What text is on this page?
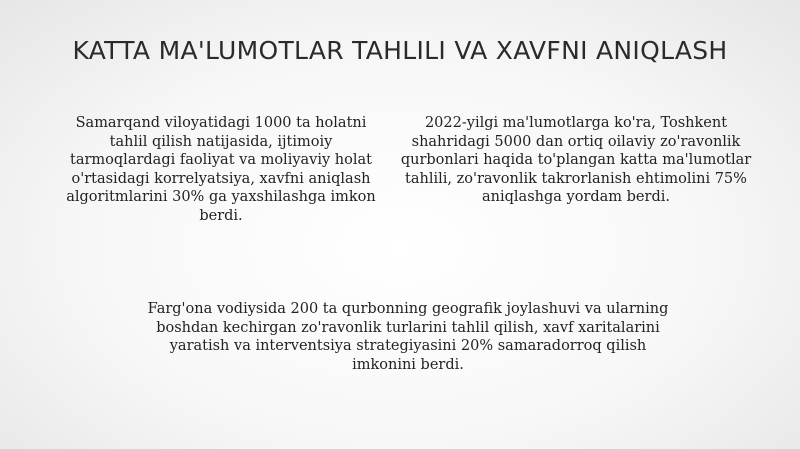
KATTA MA'LUMOTLAR TAHLILI VA XAVFNI ANIQLASH
Samarqand viloyatidagi 1000 ta holatni
tahlil qilish natijasida, ijtimoiy
tarmoqlardagi faoliyat va moliyaviy holat
o'rtasidagi korrelyatsiya, xavfni aniqlash
algoritmlarini 30% ga yaxshilashga imkon
berdi.
2022-yilgi ma'lumotlarga ko'ra, Toshkent
shahridagi 5000 dan ortiq oilaviy zo'ravonlik
qurbonlari haqida to'plangan katta ma'lumotlar
tahlili, zo'ravonlik takrorlanish ehtimolini 75%
aniqlashga yordam berdi.
Farg'ona vodiysida 200 ta qurbonning geografik joylashuvi va ularning
boshdan kechirgan zo'ravonlik turlarini tahlil qilish, xavf xaritalarini
yaratish va interventsiya strategiyasini 20% samaradorroq qilish
imkonini berdi.
